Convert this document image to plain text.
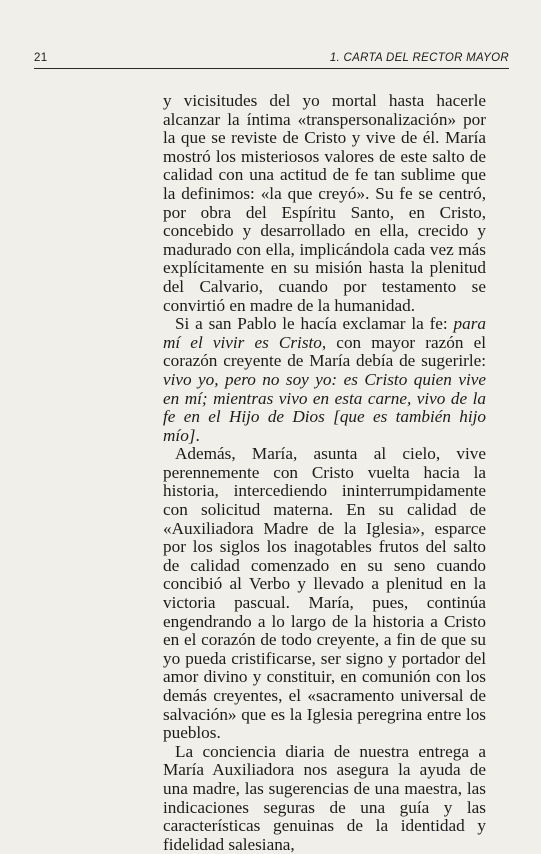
21	1. CARTA DEL RECTOR MAYOR

y vicisitudes del yo mortal hasta hacerle alcanzar la íntima «transpersonalización» por la que se reviste de Cristo y vive de él. María mostró los misteriosos valores de este salto de calidad con una actitud de fe tan sublime que la definimos: «la que creyó». Su fe se centró, por obra del Espíritu Santo, en Cristo, concebido y desarrollado en ella, crecido y madurado con ella, implicándola cada vez más explícitamente en su misión hasta la plenitud del Calvario, cuando por testamento se convirtió en madre de la humanidad.

Si a san Pablo le hacía exclamar la fe: para mí el vivir es Cristo, con mayor razón el corazón creyente de María debía de sugerirle: vivo yo, pero no soy yo: es Cristo quien vive en mí; mientras vivo en esta carne, vivo de la fe en el Hijo de Dios [que es también hijo mío].

Además, María, asunta al cielo, vive perennemente con Cristo vuelta hacia la historia, intercediendo ininterrumpidamente con solicitud materna. En su calidad de «Auxiliadora Madre de la Iglesia», esparce por los siglos los inagotables frutos del salto de calidad comenzado en su seno cuando concibió al Verbo y llevado a plenitud en la victoria pascual. María, pues, continúa engendrando a lo largo de la historia a Cristo en el corazón de todo creyente, a fin de que su yo pueda cristificarse, ser signo y portador del amor divino y constituir, en comunión con los demás creyentes, el «sacramento universal de salvación» que es la Iglesia peregrina entre los pueblos.

La conciencia diaria de nuestra entrega a María Auxiliadora nos asegura la ayuda de una madre, las sugerencias de una maestra, las indicaciones seguras de una guía y las características genuinas de la identidad y fidelidad salesiana,
